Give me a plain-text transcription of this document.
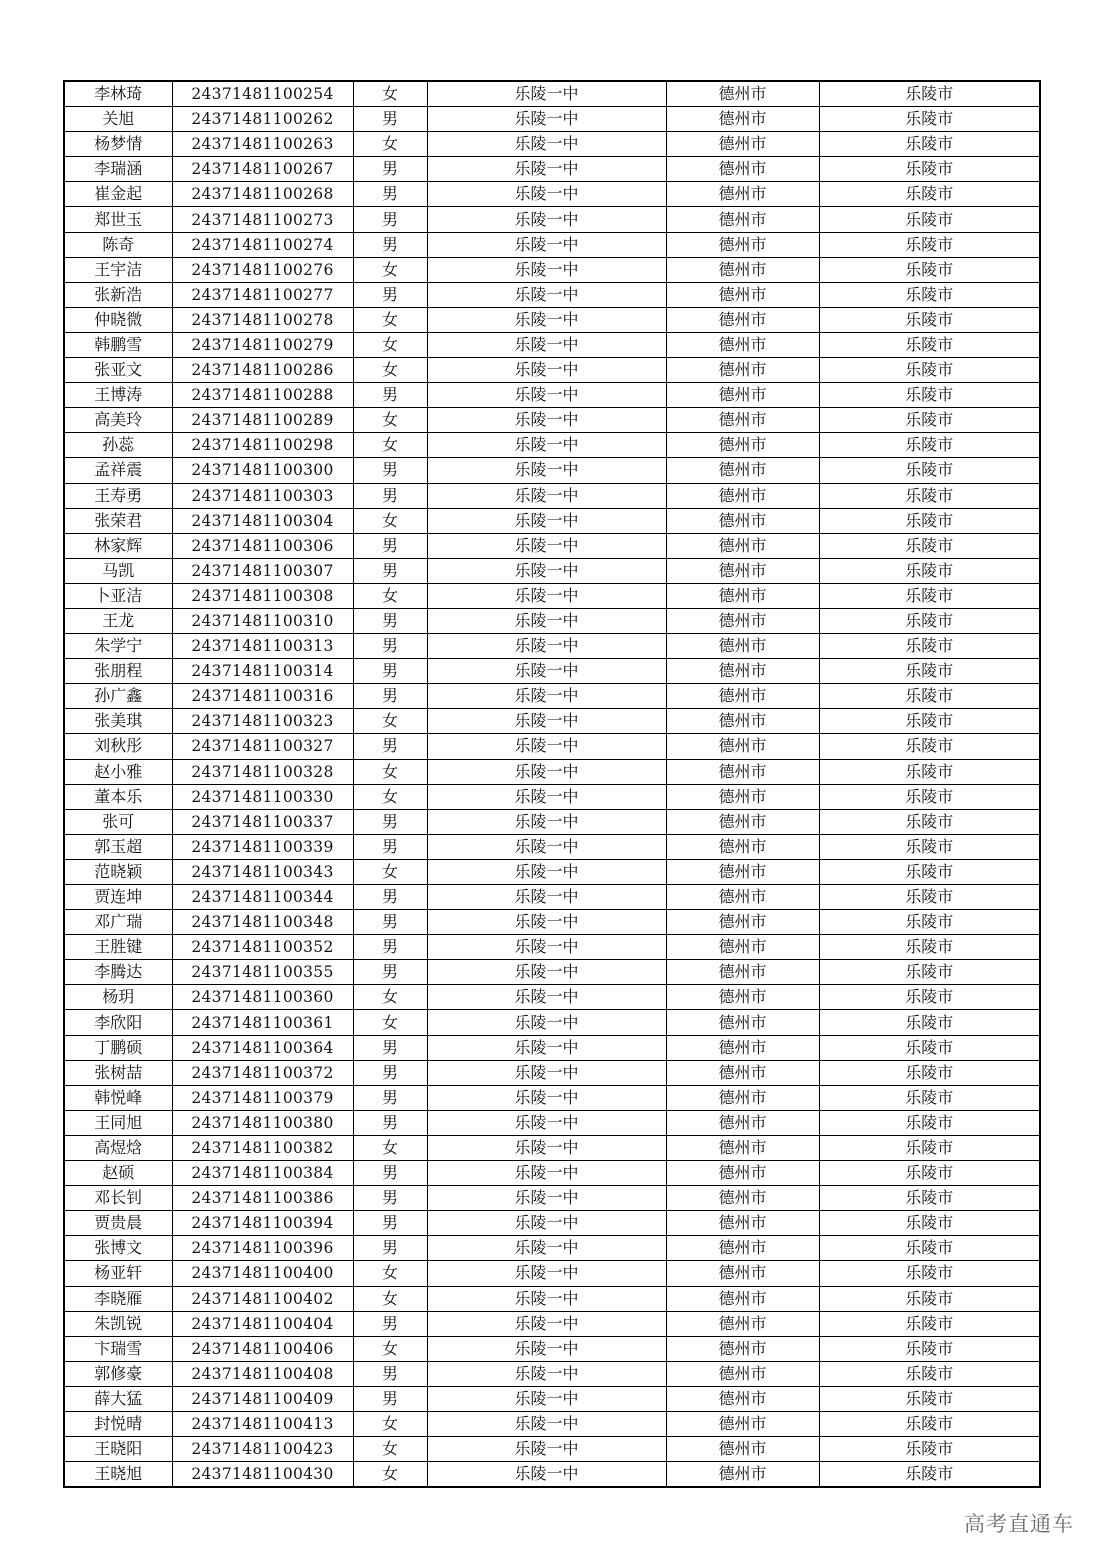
李林琦	24371481100254	女	乐陵一中	德州市	乐陵市
关旭	24371481100262	男	乐陵一中	德州市	乐陵市
杨梦情	24371481100263	女	乐陵一中	德州市	乐陵市
李瑞涵	24371481100267	男	乐陵一中	德州市	乐陵市
崔金起	24371481100268	男	乐陵一中	德州市	乐陵市
郑世玉	24371481100273	男	乐陵一中	德州市	乐陵市
陈奇	24371481100274	男	乐陵一中	德州市	乐陵市
王宇洁	24371481100276	女	乐陵一中	德州市	乐陵市
张新浩	24371481100277	男	乐陵一中	德州市	乐陵市
仲晓微	24371481100278	女	乐陵一中	德州市	乐陵市
韩鹏雪	24371481100279	女	乐陵一中	德州市	乐陵市
张亚文	24371481100286	女	乐陵一中	德州市	乐陵市
王博涛	24371481100288	男	乐陵一中	德州市	乐陵市
高美玲	24371481100289	女	乐陵一中	德州市	乐陵市
孙蕊	24371481100298	女	乐陵一中	德州市	乐陵市
孟祥震	24371481100300	男	乐陵一中	德州市	乐陵市
王寿勇	24371481100303	男	乐陵一中	德州市	乐陵市
张荣君	24371481100304	女	乐陵一中	德州市	乐陵市
林家辉	24371481100306	男	乐陵一中	德州市	乐陵市
马凯	24371481100307	男	乐陵一中	德州市	乐陵市
卜亚洁	24371481100308	女	乐陵一中	德州市	乐陵市
王龙	24371481100310	男	乐陵一中	德州市	乐陵市
朱学宁	24371481100313	男	乐陵一中	德州市	乐陵市
张朋程	24371481100314	男	乐陵一中	德州市	乐陵市
孙广鑫	24371481100316	男	乐陵一中	德州市	乐陵市
张美琪	24371481100323	女	乐陵一中	德州市	乐陵市
刘秋彤	24371481100327	男	乐陵一中	德州市	乐陵市
赵小雅	24371481100328	女	乐陵一中	德州市	乐陵市
董本乐	24371481100330	女	乐陵一中	德州市	乐陵市
张可	24371481100337	男	乐陵一中	德州市	乐陵市
郭玉超	24371481100339	男	乐陵一中	德州市	乐陵市
范晓颖	24371481100343	女	乐陵一中	德州市	乐陵市
贾连坤	24371481100344	男	乐陵一中	德州市	乐陵市
邓广瑞	24371481100348	男	乐陵一中	德州市	乐陵市
王胜键	24371481100352	男	乐陵一中	德州市	乐陵市
李腾达	24371481100355	男	乐陵一中	德州市	乐陵市
杨玥	24371481100360	女	乐陵一中	德州市	乐陵市
李欣阳	24371481100361	女	乐陵一中	德州市	乐陵市
丁鹏硕	24371481100364	男	乐陵一中	德州市	乐陵市
张树喆	24371481100372	男	乐陵一中	德州市	乐陵市
韩悦峰	24371481100379	男	乐陵一中	德州市	乐陵市
王同旭	24371481100380	男	乐陵一中	德州市	乐陵市
高煜焓	24371481100382	女	乐陵一中	德州市	乐陵市
赵硕	24371481100384	男	乐陵一中	德州市	乐陵市
邓长钊	24371481100386	男	乐陵一中	德州市	乐陵市
贾贵晨	24371481100394	男	乐陵一中	德州市	乐陵市
张博文	24371481100396	男	乐陵一中	德州市	乐陵市
杨亚轩	24371481100400	女	乐陵一中	德州市	乐陵市
李晓雁	24371481100402	女	乐陵一中	德州市	乐陵市
朱凯锐	24371481100404	男	乐陵一中	德州市	乐陵市
卞瑞雪	24371481100406	女	乐陵一中	德州市	乐陵市
郭修豪	24371481100408	男	乐陵一中	德州市	乐陵市
薛大猛	24371481100409	男	乐陵一中	德州市	乐陵市
封悦晴	24371481100413	女	乐陵一中	德州市	乐陵市
王晓阳	24371481100423	女	乐陵一中	德州市	乐陵市
王晓旭	24371481100430	女	乐陵一中	德州市	乐陵市
高考直通车
